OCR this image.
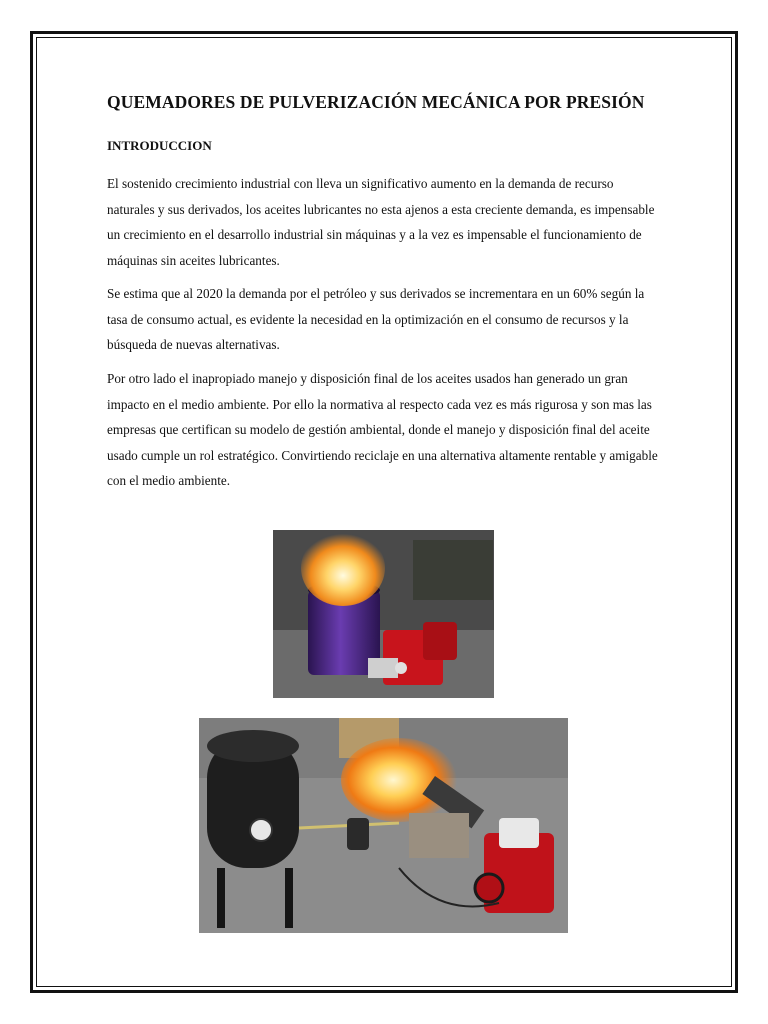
QUEMADORES DE PULVERIZACIÓN MECÁNICA POR PRESIÓN
INTRODUCCION

El sostenido crecimiento industrial con lleva un significativo aumento en la demanda de recurso naturales y sus derivados, los aceites lubricantes no esta ajenos a esta creciente demanda, es impensable un crecimiento en el desarrollo industrial sin máquinas y a la vez es impensable el funcionamiento de máquinas sin aceites lubricantes.

Se estima que al 2020 la demanda por el petróleo y sus derivados se incrementara en un 60% según la tasa de consumo actual, es evidente la necesidad en la optimización en el consumo de recursos y la búsqueda de nuevas alternativas.

Por otro lado el inapropiado manejo y disposición final de los aceites usados han generado un gran impacto en el medio ambiente. Por ello la normativa al respecto cada vez es más rigurosa y son mas las empresas que certifican su modelo de gestión ambiental, donde el manejo y disposición final del aceite usado cumple un rol estratégico. Convirtiendo reciclaje en una alternativa altamente rentable y amigable con el medio ambiente.
